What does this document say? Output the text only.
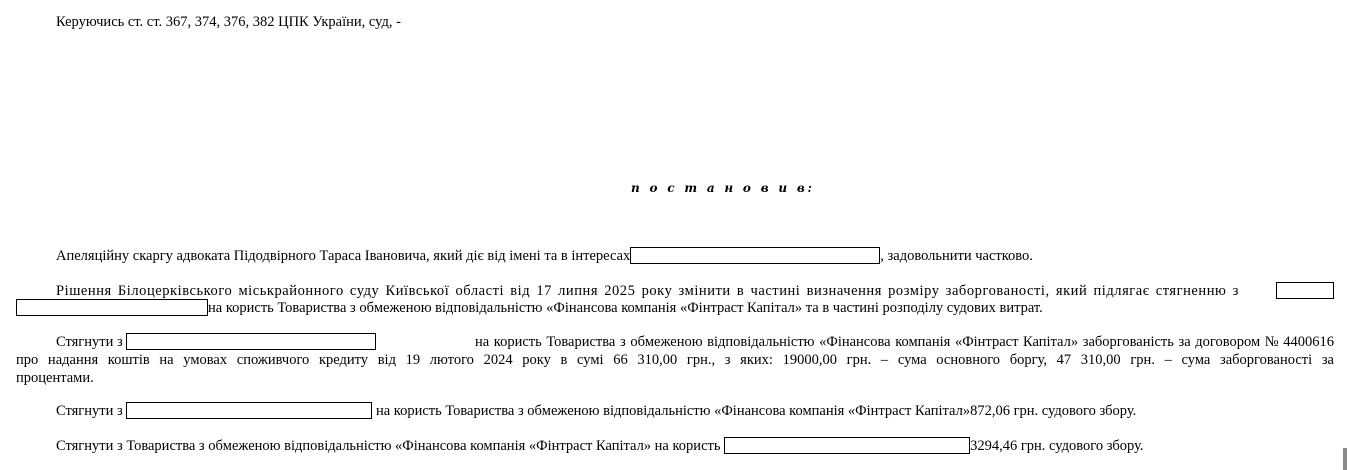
Керуючись ст. ст. 367, 374, 376, 382 ЦПК України, суд, -
п о с т а н о в и в:
Апеляційну скаргу адвоката Підодвірного Тараса Івановича, який діє від імені та в інтересах	, задовольнити частково.
Рішення Білоцерківського міськрайонного суду Київської області від 17 липня 2025 року змінити в частині визначення розміру заборгованості, який підлягає стягненню з
на користь Товариства з обмеженою відповідальністю «Фінансова компанія «Фінтраст Капітал» та в частині розподілу судових витрат.
Стягнути з	на користь Товариства з обмеженою відповідальністю «Фінансова компанія «Фінтраст Капітал» заборгованість за договором № 4400616
про надання коштів на умовах споживчого кредиту від 19 лютого 2024 року в сумі 66 310,00 грн., з яких: 19000,00 грн. – сума основного боргу, 47 310,00 грн. – сума заборгованості за
процентами.
Стягнути з	на користь Товариства з обмеженою відповідальністю «Фінансова компанія «Фінтраст Капітал»872,06 грн. судового збору.
Стягнути з Товариства з обмеженою відповідальністю «Фінансова компанія «Фінтраст Капітал» на користь	3294,46 грн. судового збору.
